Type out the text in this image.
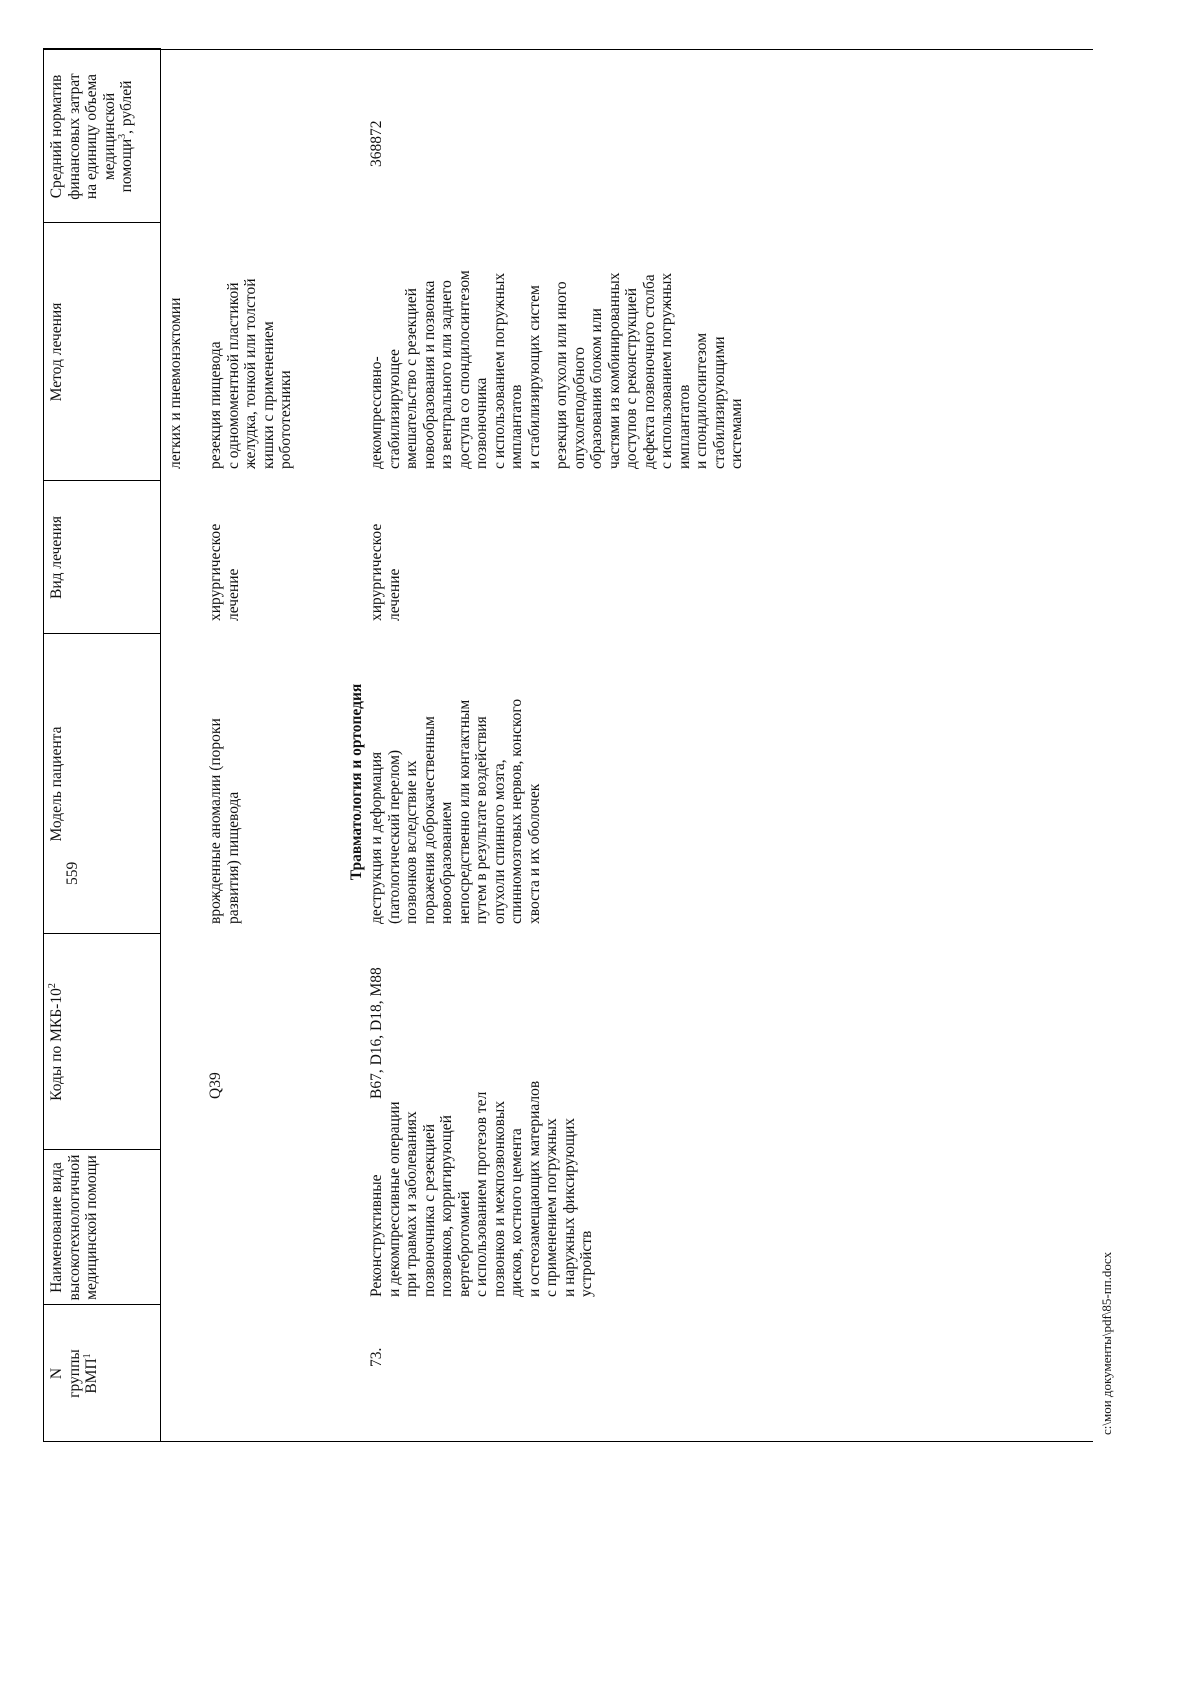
559
N
группы
ВМП$^1$
Наименование вида
высокотехнологичной
медицинской помощи
Коды по МКБ-$10^2$
Модель пациента
Вид лечения
Метод лечения
Средний норматив
финансовых затрат
на единицу объема
медицинской
помощи$^3$, рублей
легких и пневмонэктомии
Q39
врожденные аномалии (пороки
развития) пищевода
хирургическое
лечение
резекция пищевода
с одномоментной пластикой
желудка, тонкой или толстой
кишки с применением
робототехники
Травматология и ортопедия
73.
Реконструктивные
и декомпрессивные операции
при травмах и заболеваниях
позвоночника с резекцией
позвонков, корригирующей
вертебротомией
с использованием протезов тел
позвонков и межпозвонковых
дисков, костного цемента
и остеозамещающих материалов
с применением погружных
и наружных фиксирующих
устройств
B67, D16, D18, M88
деструкция и деформация
(патологический перелом)
позвонков вследствие их
поражения доброкачественным
новообразованием
непосредственно или контактным
путем в результате воздействия
опухоли спинного мозга,
спинномозговых нервов, конского
хвоста и их оболочек
хирургическое
лечение
декомпрессивно-
стабилизирующее
вмешательство с резекцией
новообразования и позвонка
из вентрального или заднего
доступа со спондилосинтезом
позвоночника
с использованием погружных
имплантатов
и стабилизирующих систем
резекция опухоли или иного
опухолеподобного
образования блоком или
частями из комбинированных
доступов с реконструкцией
дефекта позвоночного столба
с использованием погружных
имплантатов
и спондилосинтезом
стабилизирующими
системами
368872
c:\мои документы\pdf\85-пп.docx
